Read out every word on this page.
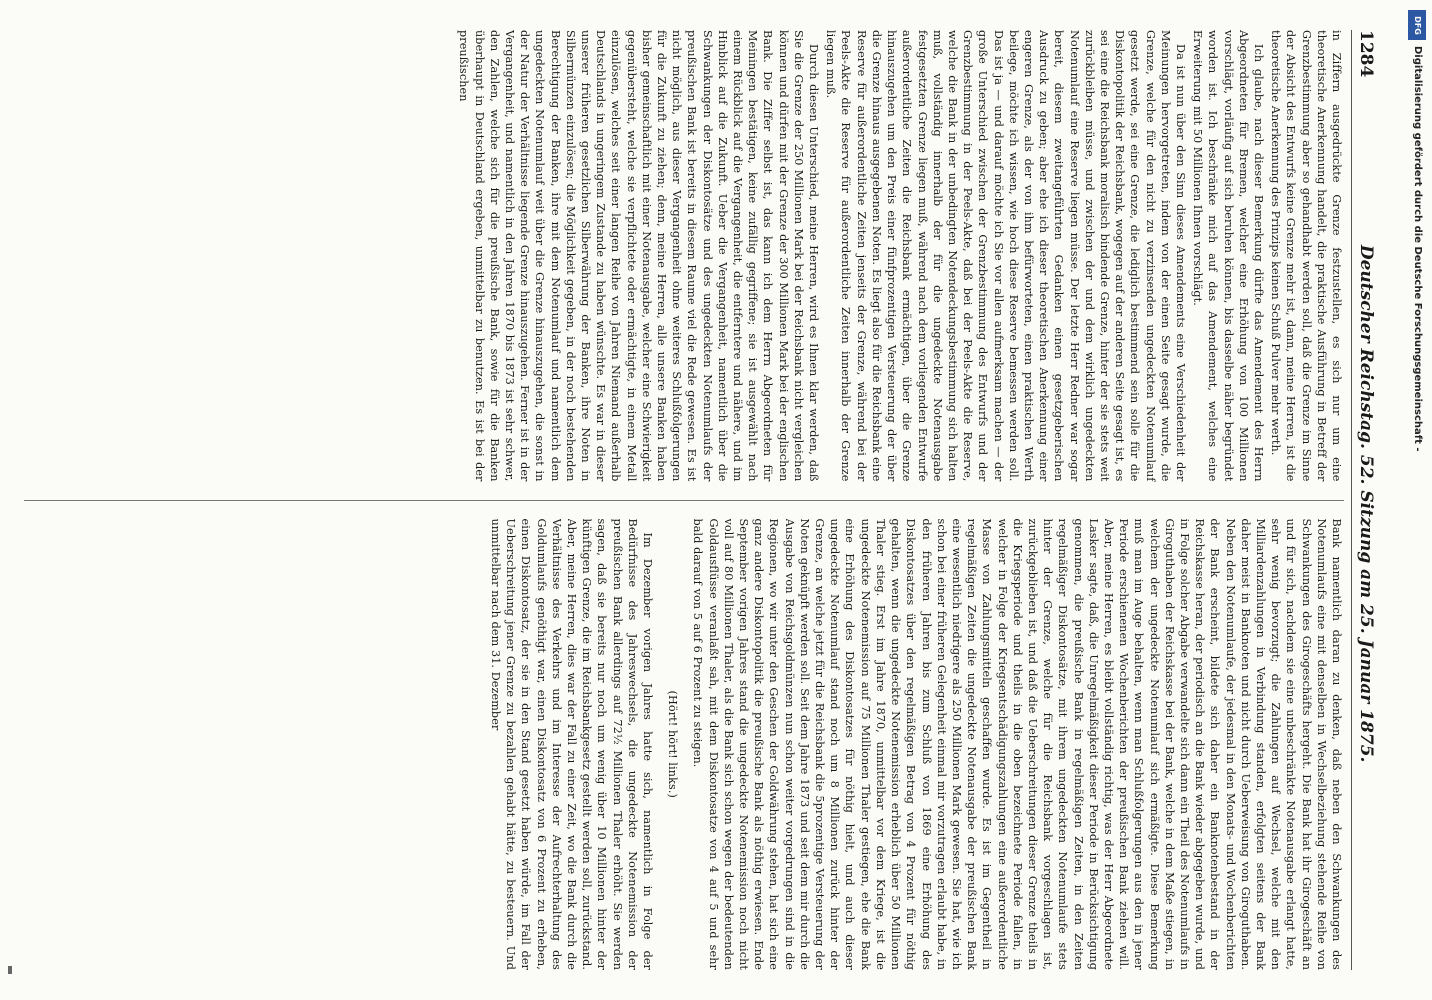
1284
Deutscher Reichstag. 52. Sitzung am 25. Januar 1875.

in Ziffern ausgedrückte Grenze festzustellen, es sich nur um eine theoretische Anerkennung handelt, die praktische Ausführung in Betreff der Grenzbestimmung aber so gehandhabt werden soll, daß die Grenze im Sinne der Absicht des Entwurfs keine Grenze mehr ist, dann, meine Herren, ist die theoretische Anerkennung des Prinzips keinen Schuß Pulver mehr werth.

Ich glaube, nach dieser Bemerkung dürfte das Amendement des Herrn Abgeordneten für Bremen, welcher eine Erhöhung von 100 Millionen vorschlägt, vorläufig auf sich beruhen können, bis dasselbe näher begründet worden ist. Ich beschränke mich auf das Amendement, welches eine Erweiterung mit 50 Millionen Ihnen vorschlägt.

Da ist nun über den Sinn dieses Amendements eine Verschiedenheit der Meinungen hervorgetreten, indem von der einen Seite gesagt wurde, die Grenze, welche für den nicht zu verzinsenden ungedeckten Notenumlauf gesetzt werde, sei eine Grenze, die lediglich bestimmend sein solle für die Diskontopolitik der Reichsbank, wogegen auf der anderen Seite gesagt ist, es sei eine die Reichsbank moralisch bindende Grenze, hinter der sie stets weit zurückbleiben müsse, und zwischen der und dem wirklich ungedeckten Notenumlauf eine Reserve liegen müsse. Der letzte Herr Redner war sogar bereit, diesem zweitangeführten Gedanken einen gesetzgeberischen Ausdruck zu geben; aber ehe ich dieser theoretischen Anerkennung einer engeren Grenze, als der von ihm befürworteten, einen praktischen Werth beilege, möchte ich wissen, wie hoch diese Reserve bemessen werden soll. Das ist ja — und darauf möchte ich Sie vor allen aufmerksam machen — der große Unterschied zwischen der Grenzbestimmung des Entwurfs und der Grenzbestimmung in der Peels-Akte, daß bei der Peels-Akte die Reserve, welche die Bank in der unbedingten Notendeckungsbestimmung sich halten muß, vollständig innerhalb der für die ungedeckte Notenausgabe festgesetzten Grenze liegen muß, während nach dem vorliegenden Entwurfe außerordentliche Zeiten die Reichsbank ermächtigen, über die Grenze hinauszugehen um den Preis einer fünfprozentigen Versteuerung der über die Grenze hinaus ausgegebenen Noten. Es liegt also für die Reichsbank eine Reserve für außerordentliche Zeiten jenseits der Grenze, während bei der Peels-Akte die Reserve für außerordentliche Zeiten innerhalb der Grenze liegen muß.

Durch diesen Unterschied, meine Herren, wird es Ihnen klar werden, daß Sie die Grenze der 250 Millionen Mark bei der Reichsbank nicht vergleichen können und dürfen mit der Grenze der 300 Millionen Mark bei der englischen Bank. Die Ziffer selbst ist, das kann ich dem Herrn Abgeordneten für Meiningen bestätigen, keine zufällig gegriffene; sie ist ausgewählt nach einem Rückblick auf die Vergangenheit, die entferntere und nähere, und im Hinblick auf die Zukunft. Ueber die Vergangenheit, namentlich über die Schwankungen der Diskontosätze und des ungedeckten Notenumlaufs der preußischen Bank ist bereits in diesem Raume viel die Rede gewesen. Es ist nicht möglich, aus dieser Vergangenheit ohne weiteres Schlußfolgerungen für die Zukunft zu ziehen; denn, meine Herren, alle unsere Banken haben bisher gemeinschaftlich mit einer Notenausgabe, welcher eine Schwierigkeit gegenübersteht, welche sie verpflichtete oder ermächtigte, in einem Metall einzulösen, welches seit einer langen Reihe von Jahren Niemand außerhalb Deutschlands in ungeringem Zustande zu haben wünschte. Es war in dieser unserer früheren gesetzlichen Silberwährung der Banken, ihre Noten in Silbermünzen einzulösen; die Möglichkeit gegeben, in der noch bestehenden Berechtigung der Banken, ihre mit dem Notenumlauf und namentlich dem ungedeckten Notenumlauf weit über die Grenze hinauszugehen, die sonst in der Natur der Verhältnisse liegende Grenze hinauszugehen. Ferner ist in der Vergangenheit, und namentlich in den Jahren 1870 bis 1873 ist sehr schwer, den Zahlen, welche sich für die preußische Bank, sowie für die Banken überhaupt in Deutschland ergeben, unmittelbar zu benutzen. Es ist bei der preußischen

Bank namentlich daran zu denken, daß neben den Schwankungen des Notenumlaufs eine mit denselben in Wechselbeziehung stehende Reihe von Schwankungen des Girogeschäfts hergeht. Die Bank hat ihr Girogeschäft an und für sich, nachdem sie eine unbeschränkte Notenausgabe erlangt hatte, sehr wenig bevorzugt; die Zahlungen auf Wechsel, welche mit den Milliardenzahlungen in Verbindung standen, erfolgten seitens der Bank daher meist in Banknoten und nicht durch Ueberweisung von Giroguthaben. Neben den Notenumlaufe, der jedesmal in den Monats- und Wochenberichten der Bank erscheint, bildete sich daher ein Banknotenbestand in der Reichskasse heran, der periodisch an die Bank wieder abgegeben wurde, und in Folge solcher Abgabe verwandelte sich dann ein Theil des Notenumlaufs in Giroguthaben der Reichskasse bei der Bank, welche in dem Maße stiegen, in welchem der ungedeckte Notenumlauf sich ermäßigte. Diese Bemerkung muß man im Auge behalten, wenn man Schlußfolgerungen aus den in jener Periode erschienenen Wochenberichten der preußischen Bank ziehen will. Aber, meine Herren, es bleibt vollständig richtig, was der Herr Abgeordnete Lasker sagte, daß, die Unregelmäßigkeit dieser Periode in Berücksichtigung genommen, die preußische Bank in regelmäßigen Zeiten, in den Zeiten regelmäßiger Diskontosätze, mit ihrem ungedeckten Notenumlaufe stets hinter der Grenze, welche für die Reichsbank vorgeschlagen ist, zurückgeblieben ist, und daß die Ueberschreitungen dieser Grenze theils in die Kriegsperiode und theils in die oben bezeichnete Periode fallen, in welcher in Folge der Kriegsentschädigungszahlungen eine außerordentliche Masse von Zahlungsmitteln geschaffen wurde. Es ist im Gegentheil in regelmäßigen Zeiten die ungedeckte Notenausgabe der preußischen Bank eine wesentlich niedrigere als 250 Millionen Mark gewesen. Sie hat, wie ich schon bei einer früheren Gelegenheit einmal mir vorzutragen erlaubt habe, in den früheren Jahren bis zum Schluß von 1869 eine Erhöhung des Diskontosatzes über den regelmäßigen Betrag von 4 Prozent für nöthig gehalten, wenn die ungedeckte Notenemission erheblich über 50 Millionen Thaler stieg. Erst im Jahre 1870, unmittelbar vor dem Kriege, ist die ungedeckte Notenemission auf 75 Millionen Thaler gestiegen, ehe die Bank eine Erhöhung des Diskontosatzes für nöthig hielt, und auch dieser ungedeckte Notenumlauf stand noch um 8 Millionen zurück hinter der Grenze, an welche jetzt für die Reichsbank die 5prozentige Versteuerung der Noten geknüpft werden soll. Seit dem Jahre 1873 und seit dem mir durch die Ausgabe von Reichsgoldmünzen nun schon weiter vorgedrungen sind in die Regionen, wo wir unter den Geschen der Goldwährung stehen, hat sich eine ganz andere Diskontopolitik die preußische Bank als nöthig erwiesen. Ende September vorigen Jahres stand die ungedeckte Notenemission noch nicht voll auf 80 Millionen Thaler, als die Bank sich schon wegen der bedeutenden Goldausflüsse veranlaßt sah, mit dem Diskontosatze von 4 auf 5 und sehr bald darauf von 5 auf 6 Prozent zu steigen.

(Hört! hört! links.)

Im Dezember vorigen Jahres hatte sich, namentlich in Folge der Bedürfnisse des Jahreswechsels, die ungedeckte Notenemission der preußischen Bank allerdings auf 72½ Millionen Thaler erhöht. Sie werden sagen, daß sie bereits nur noch um wenig über 10 Millionen hinter der künftigen Grenze, die im Reichsbankgesetz gestellt werden soll, zurückstand. Aber, meine Herren, dies war der Fall zu einer Zeit, wo die Bank durch die Verhältnisse des Verkehrs und im Interesse der Aufrechterhaltung des Goldumlaufs genöthigt war, einen Diskontosatz von 6 Prozent zu erheben, einen Diskontosatz, der sie in den Stand gesetzt haben würde, im Fall der Ueberschreitung jener Grenze zu bezahlen gehabt hätte, zu besteuern. Und unmittelbar nach dem 31. Dezember

DFG
Digitalisierung gefördert durch die Deutsche Forschungsgemeinschaft -
